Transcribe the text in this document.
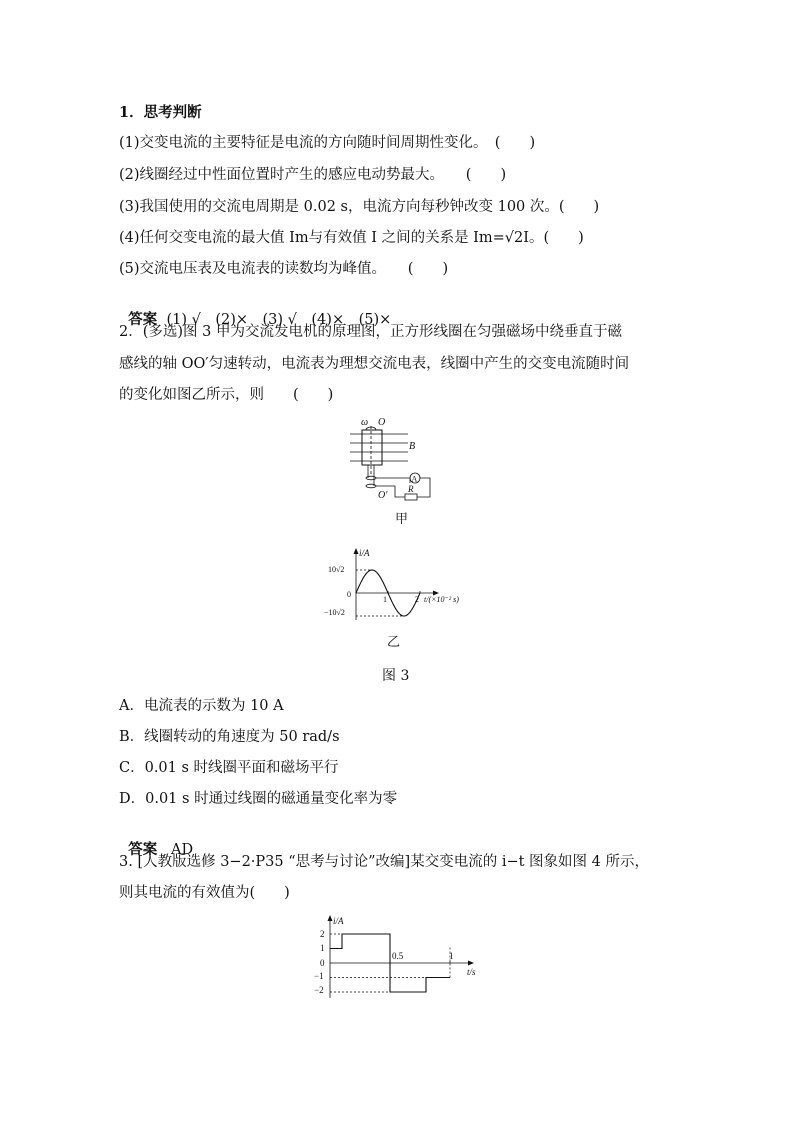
1．思考判断
(1)交变电流的主要特征是电流的方向随时间周期性变化。　(　　)
(2)线圈经过中性面位置时产生的感应电动势最大。　　(　　)
(3)我国使用的交流电周期是 0.02 s，电流方向每秒钟改变 100 次。(　　)
(4)任何交变电流的最大值 Im与有效值 I 之间的关系是 Im=√2I。(　　)
(5)交流电压表及电流表的读数均为峰值。　　(　　)

答案 (1) √　(2)×　(3) √　(4)×　(5)×

2．(多选)图 3 甲为交流发电机的原理图，正方形线圈在匀强磁场中绕垂直于磁
感线的轴 OO′匀速转动，电流表为理想交流电表，线圈中产生的交变电流随时间
的变化如图乙所示，则　　(　　)
ω O
B
O′
A
R
甲
i/A
10√2
0
−10√2
1	2 t/(×10⁻² s)
乙
图 3
A．电流表的示数为 10 A
B．线圈转动的角速度为 50 rad/s
C．0.01 s 时线圈平面和磁场平行
D．0.01 s 时通过线圈的磁通量变化率为零

答案 AD

3. [人教版选修 3−2·P35 “思考与讨论”改编]某交变电流的 i−t 图象如图 4 所示，
则其电流的有效值为(　　)
i/A
t/s
2
1
0
−1
−2
0.5	1
